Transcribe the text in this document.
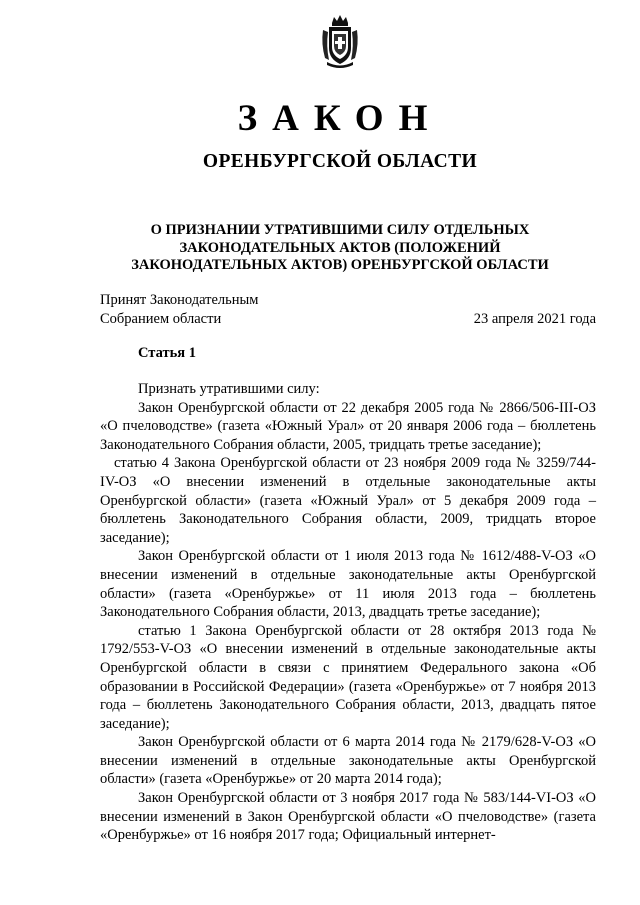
ЗАКОН
ОРЕНБУРГСКОЙ ОБЛАСТИ
О ПРИЗНАНИИ УТРАТИВШИМИ СИЛУ ОТДЕЛЬНЫХ
ЗАКОНОДАТЕЛЬНЫХ АКТОВ (ПОЛОЖЕНИЙ
ЗАКОНОДАТЕЛЬНЫХ АКТОВ) ОРЕНБУРГСКОЙ ОБЛАСТИ
Принят Законодательным
Собранием области	23 апреля 2021 года
Статья 1

Признать утратившими силу:

Закон Оренбургской области от 22 декабря 2005 года № 2866/506-III-ОЗ «О пчеловодстве» (газета «Южный Урал» от 20 января 2006 года – бюллетень Законодательного Собрания области, 2005, тридцать третье заседание);

статью 4 Закона Оренбургской области от 23 ноября 2009 года № 3259/744-IV-ОЗ «О внесении изменений в отдельные законодательные акты Оренбургской области» (газета «Южный Урал» от 5 декабря 2009 года – бюллетень Законодательного Собрания области, 2009, тридцать второе заседание);

Закон Оренбургской области от 1 июля 2013 года № 1612/488-V-ОЗ «О внесении изменений в отдельные законодательные акты Оренбургской области» (газета «Оренбуржье» от 11 июля 2013 года – бюллетень Законодательного Собрания области, 2013, двадцать третье заседание);

статью 1 Закона Оренбургской области от 28 октября 2013 года № 1792/553-V-ОЗ «О внесении изменений в отдельные законодательные акты Оренбургской области в связи с принятием Федерального закона «Об образовании в Российской Федерации» (газета «Оренбуржье» от 7 ноября 2013 года – бюллетень Законодательного Собрания области, 2013, двадцать пятое заседание);

Закон Оренбургской области от 6 марта 2014 года № 2179/628-V-ОЗ «О внесении изменений в отдельные законодательные акты Оренбургской области» (газета «Оренбуржье» от 20 марта 2014 года);

Закон Оренбургской области от 3 ноября 2017 года № 583/144-VI-ОЗ «О внесении изменений в Закон Оренбургской области «О пчеловодстве» (газета «Оренбуржье» от 16 ноября 2017 года; Официальный интернет-
